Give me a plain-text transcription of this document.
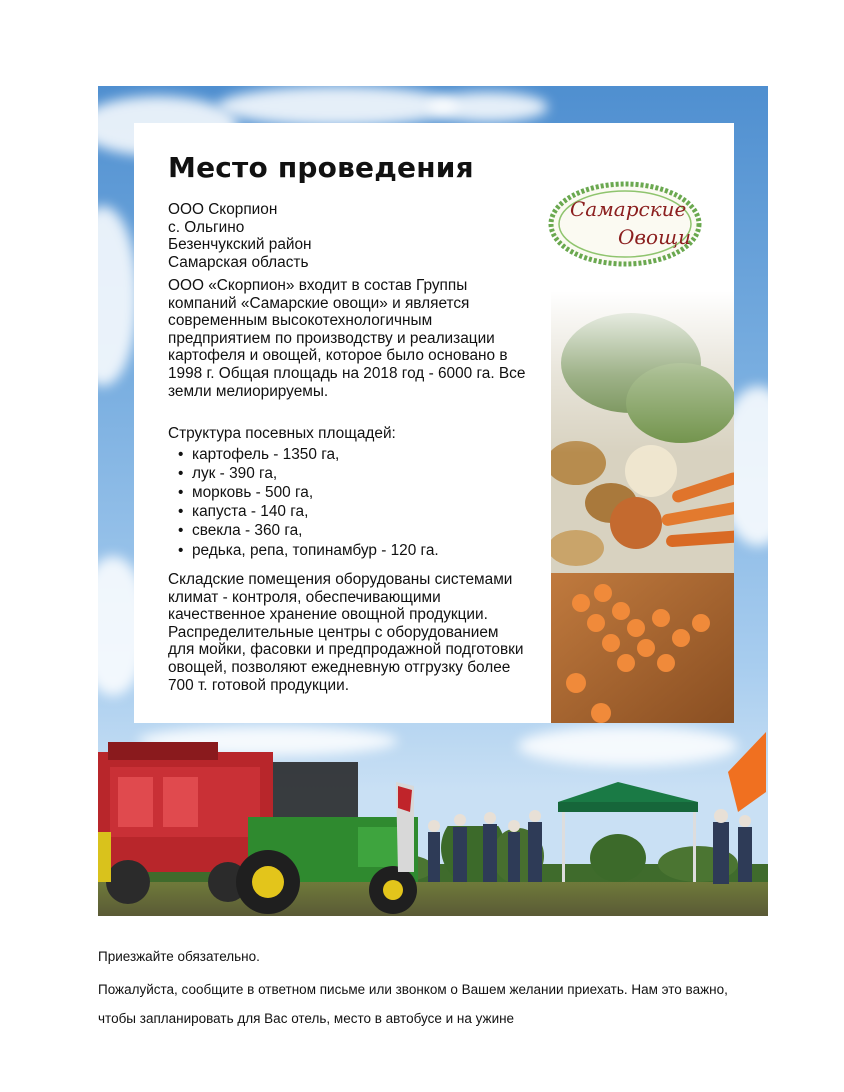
Самарские
Овощи
Место проведения
ООО Скорпион
с. Ольгино
Безенчукский район
Самарская область
ООО «Скорпион» входит в состав Группы
компаний «Самарские овощи» и является
современным высокотехнологичным
предприятием по производству и реализации
картофеля и овощей, которое было основано в
1998 г. Общая площадь на 2018 год - 6000 га. Все
земли мелиорируемы.
Структура посевных площадей:
• картофель - 1350 га,
• лук - 390 га,
• морковь - 500 га,
• капуста - 140 га,
• свекла - 360 га,
• редька, репа, топинамбур - 120 га.
Складские помещения оборудованы системами
климат - контроля, обеспечивающими
качественное хранение овощной продукции.
Распределительные центры с оборудованием
для мойки, фасовки и предпродажной подготовки
овощей, позволяют ежедневную отгрузку более
700 т. готовой продукции.
Приезжайте обязательно.
Пожалуйста, сообщите в ответном письме или звонком о Вашем желании приехать. Нам это важно,
чтобы запланировать для Вас отель, место в автобусе и на ужине
